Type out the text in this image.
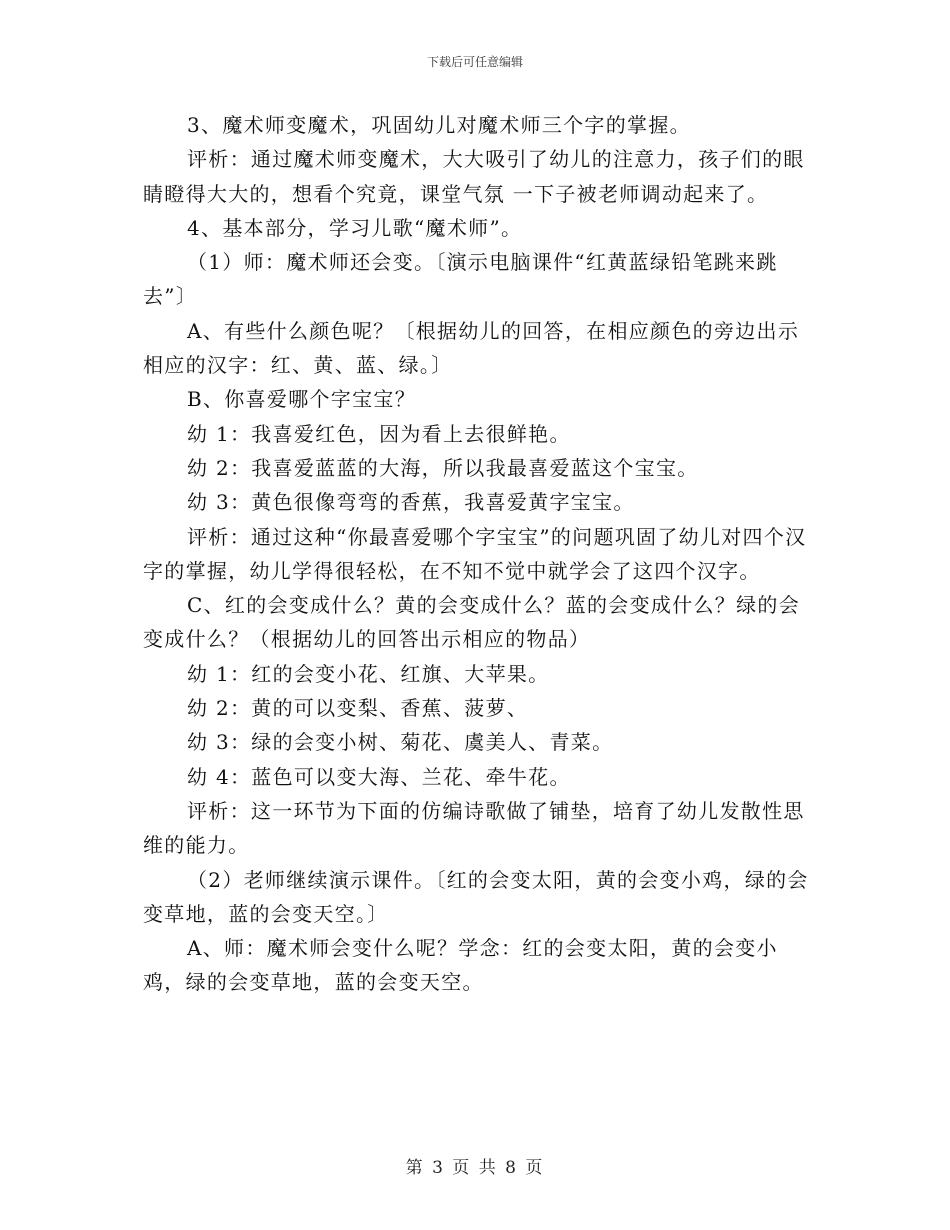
下载后可任意编辑

3、魔术师变魔术，巩固幼儿对魔术师三个字的掌握。

评析：通过魔术师变魔术，大大吸引了幼儿的注意力，孩子们的眼睛瞪得大大的，想看个究竟，课堂气氛 一下子被老师调动起来了。

4、基本部分，学习儿歌“魔术师”。

（1）师：魔术师还会变。〔演示电脑课件“红黄蓝绿铅笔跳来跳去”〕

A、有些什么颜色呢？〔根据幼儿的回答，在相应颜色的旁边出示相应的汉字：红、黄、蓝、绿。〕

B、你喜爱哪个字宝宝？

幼 1：我喜爱红色，因为看上去很鲜艳。

幼 2：我喜爱蓝蓝的大海，所以我最喜爱蓝这个宝宝。

幼 3：黄色很像弯弯的香蕉，我喜爱黄字宝宝。

评析：通过这种“你最喜爱哪个字宝宝”的问题巩固了幼儿对四个汉字的掌握，幼儿学得很轻松，在不知不觉中就学会了这四个汉字。

C、红的会变成什么？黄的会变成什么？蓝的会变成什么？绿的会变成什么？（根据幼儿的回答出示相应的物品）

幼 1：红的会变小花、红旗、大苹果。

幼 2：黄的可以变梨、香蕉、菠萝、

幼 3：绿的会变小树、菊花、虞美人、青菜。

幼 4：蓝色可以变大海、兰花、牵牛花。

评析：这一环节为下面的仿编诗歌做了铺垫，培育了幼儿发散性思维的能力。

（2）老师继续演示课件。〔红的会变太阳，黄的会变小鸡，绿的会变草地，蓝的会变天空。〕

A、师：魔术师会变什么呢？学念：红的会变太阳，黄的会变小鸡，绿的会变草地，蓝的会变天空。

第 3 页 共 8 页
